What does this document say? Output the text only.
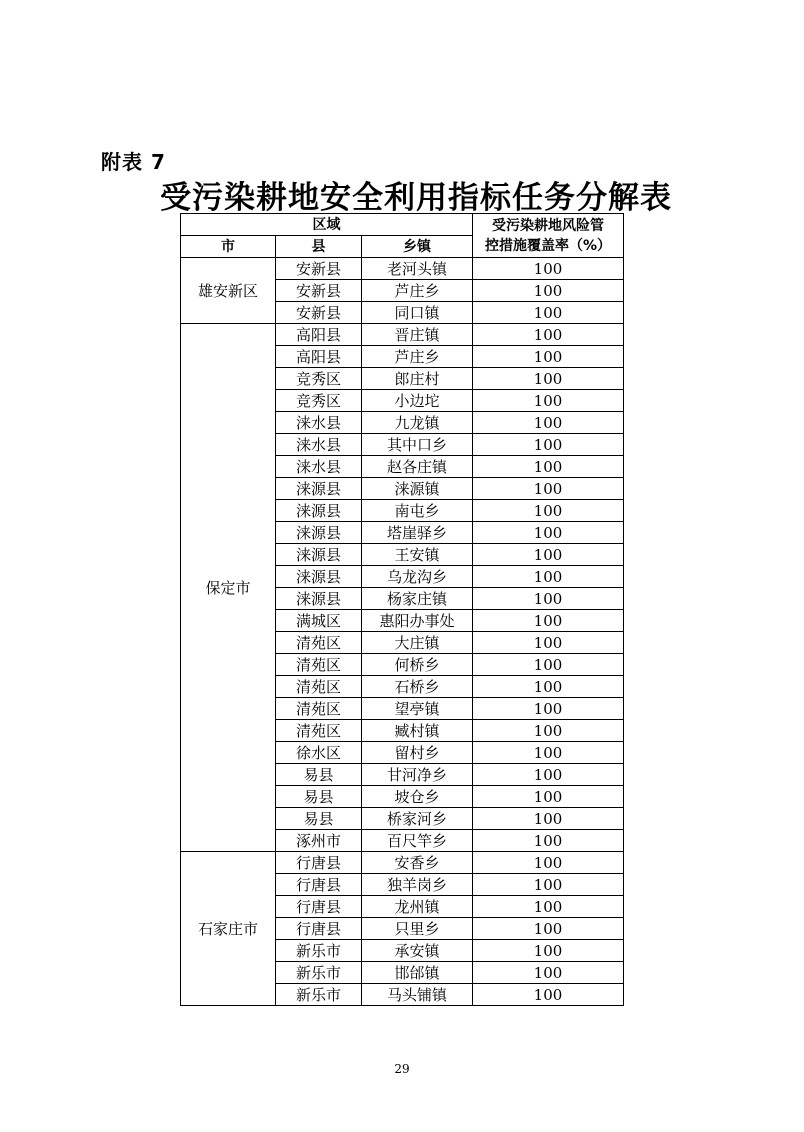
附表 7
受污染耕地安全利用指标任务分解表
区域			受污染耕地风险管
控措施覆盖率（%）

市	县	乡镇	
雄安新区	安新县	老河头镇	100
	安新县	芦庄乡	100
	安新县	同口镇	100
保定市	高阳县	晋庄镇	100
	高阳县	芦庄乡	100
	竞秀区	郎庄村	100
	竞秀区	小边坨	100
	涞水县	九龙镇	100
	涞水县	其中口乡	100
	涞水县	赵各庄镇	100
	涞源县	涞源镇	100
	涞源县	南屯乡	100
	涞源县	塔崖驿乡	100
	涞源县	王安镇	100
	涞源县	乌龙沟乡	100
	涞源县	杨家庄镇	100
	满城区	惠阳办事处	100
	清苑区	大庄镇	100
	清苑区	何桥乡	100
	清苑区	石桥乡	100
	清苑区	望亭镇	100
	清苑区	臧村镇	100
	徐水区	留村乡	100
	易县	甘河净乡	100
	易县	坡仓乡	100
	易县	桥家河乡	100
	涿州市	百尺竿乡	100
石家庄市	行唐县	安香乡	100
	行唐县	独羊岗乡	100
	行唐县	龙州镇	100
	行唐县	只里乡	100
	新乐市	承安镇	100
	新乐市	邯邰镇	100
	新乐市	马头铺镇	100
29
